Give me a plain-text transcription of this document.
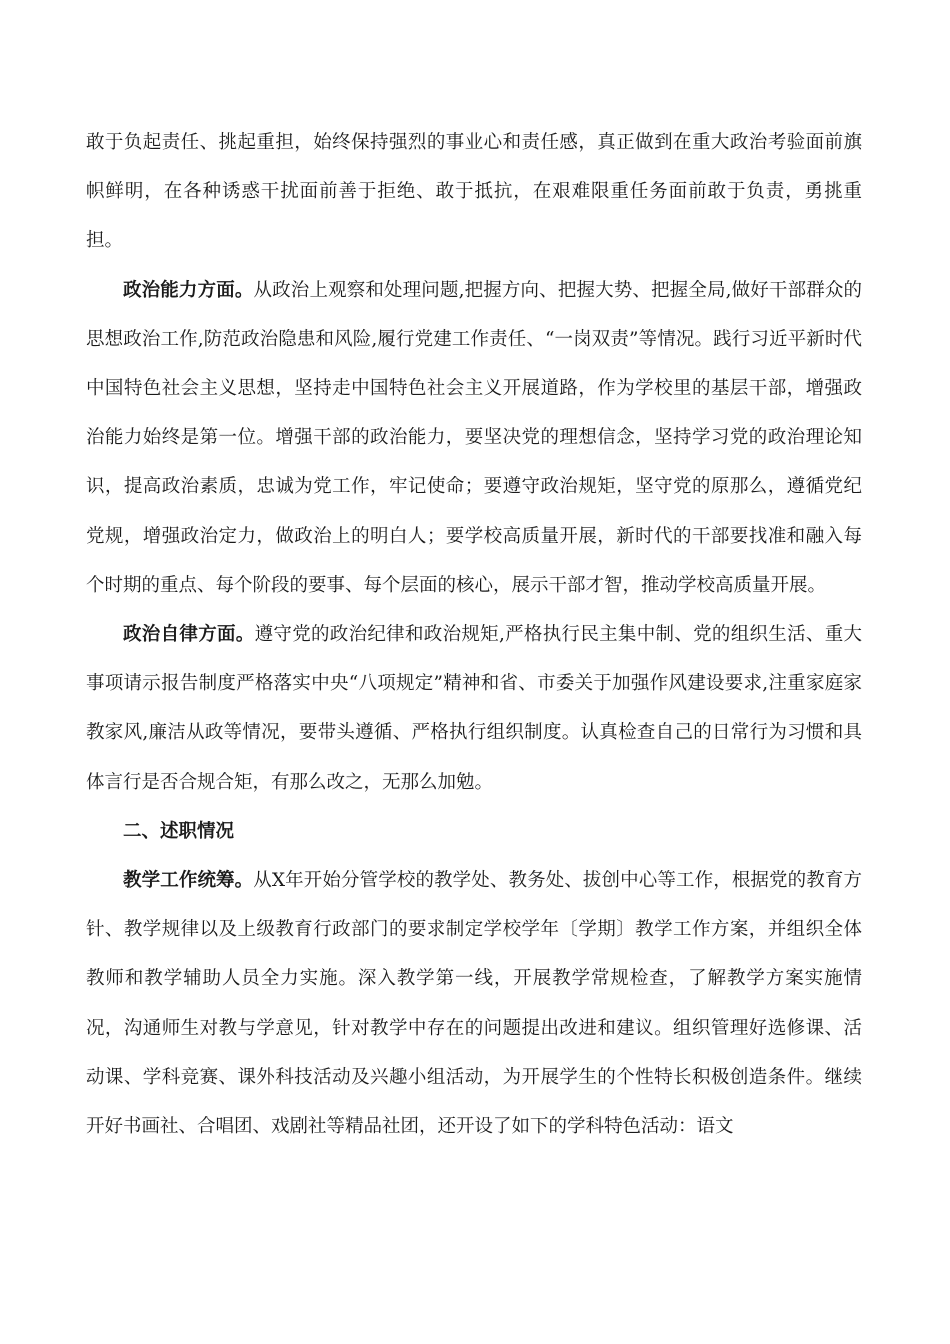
敢于负起责任、挑起重担，始终保持强烈的事业心和责任感，真正做到在重大政治考验面前旗帜鲜明，在各种诱惑干扰面前善于拒绝、敢于抵抗，在艰难限重任务面前敢于负责，勇挑重担。

政治能力方面。从政治上观察和处理问题,把握方向、把握大势、把握全局,做好干部群众的思想政治工作,防范政治隐患和风险,履行党建工作责任、“一岗双责”等情况。践行习近平新时代中国特色社会主义思想，坚持走中国特色社会主义开展道路，作为学校里的基层干部，增强政治能力始终是第一位。增强干部的政治能力，要坚决党的理想信念，坚持学习党的政治理论知识，提高政治素质，忠诚为党工作，牢记使命；要遵守政治规矩，坚守党的原那么，遵循党纪党规，增强政治定力，做政治上的明白人；要学校高质量开展，新时代的干部要找准和融入每个时期的重点、每个阶段的要事、每个层面的核心，展示干部才智，推动学校高质量开展。

政治自律方面。遵守党的政治纪律和政治规矩,严格执行民主集中制、党的组织生活、重大事项请示报告制度严格落实中央“八项规定”精神和省、市委关于加强作风建设要求,注重家庭家教家风,廉洁从政等情况，要带头遵循、严格执行组织制度。认真检查自己的日常行为习惯和具体言行是否合规合矩，有那么改之，无那么加勉。

二、述职情况

教学工作统筹。从X年开始分管学校的教学处、教务处、拔创中心等工作，根据党的教育方针、教学规律以及上级教育行政部门的要求制定学校学年〔学期〕教学工作方案，并组织全体教师和教学辅助人员全力实施。深入教学第一线，开展教学常规检查，了解教学方案实施情况，沟通师生对教与学意见，针对教学中存在的问题提出改进和建议。组织管理好选修课、活动课、学科竞赛、课外科技活动及兴趣小组活动，为开展学生的个性特长积极创造条件。继续开好书画社、合唱团、戏剧社等精品社团，还开设了如下的学科特色活动：语文
